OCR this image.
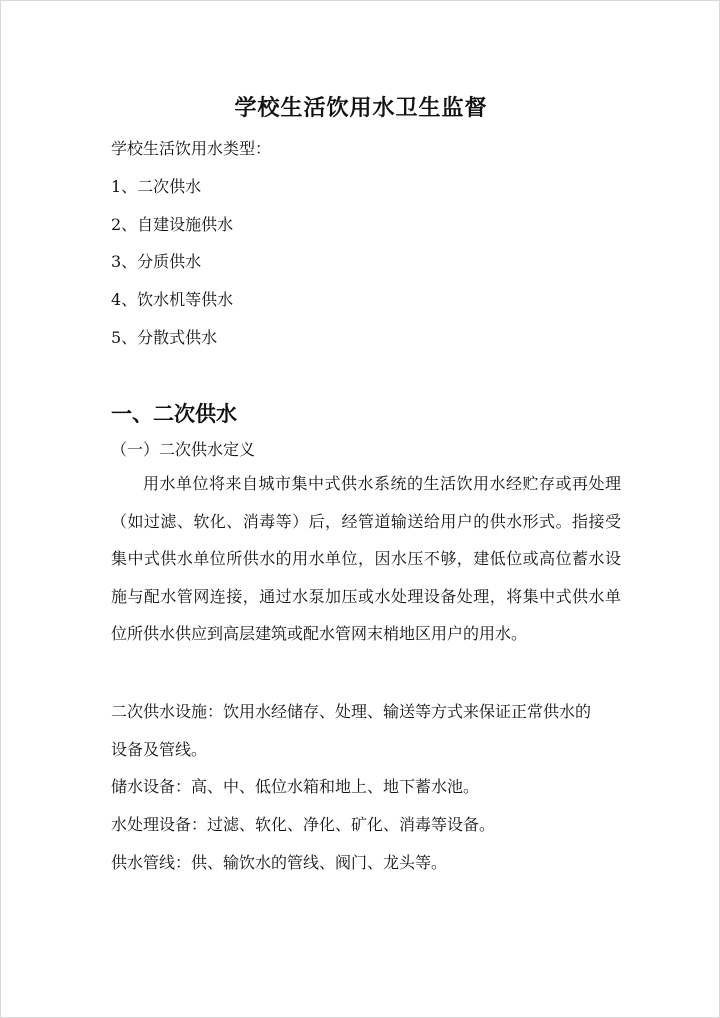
学校生活饮用水卫生监督
学校生活饮用水类型：
1、二次供水
2、自建设施供水
3、分质供水
4、饮水机等供水
5、分散式供水
一、二次供水
（一）二次供水定义
用水单位将来自城市集中式供水系统的生活饮用水经贮存或再处理（如过滤、软化、消毒等）后，经管道输送给用户的供水形式。指接受集中式供水单位所供水的用水单位，因水压不够，建低位或高位蓄水设施与配水管网连接，通过水泵加压或水处理设备处理，将集中式供水单位所供水供应到高层建筑或配水管网末梢地区用户的用水。
二次供水设施：饮用水经储存、处理、输送等方式来保证正常供水的
设备及管线。
储水设备：高、中、低位水箱和地上、地下蓄水池。
水处理设备：过滤、软化、净化、矿化、消毒等设备。
供水管线：供、输饮水的管线、阀门、龙头等。
